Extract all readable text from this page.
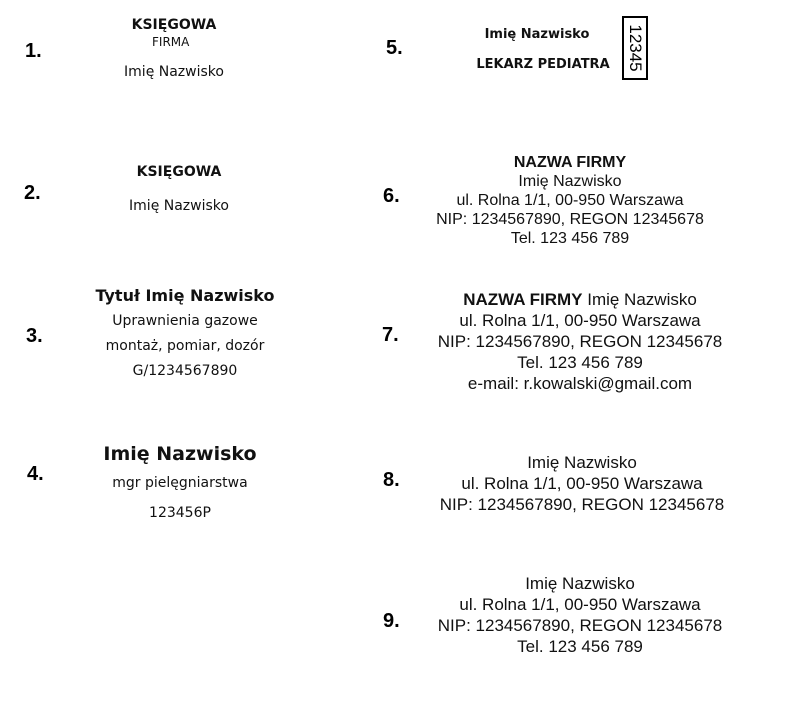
1.
2.
3.
4.
5.
6.
7.
8.
9.
KSIĘGOWA
FIRMA
Imię Nazwisko
KSIĘGOWA
Imię Nazwisko
Tytuł Imię Nazwisko
Uprawnienia gazowe
montaż, pomiar, dozór
G/1234567890
Imię Nazwisko
mgr pielęgniarstwa
123456P
Imię Nazwisko
LEKARZ PEDIATRA 12345
NAZWA FIRMY
Imię Nazwisko
ul. Rolna 1/1, 00-950 Warszawa
NIP: 1234567890, REGON 12345678
Tel. 123 456 789
NAZWA FIRMY Imię Nazwisko
ul. Rolna 1/1, 00-950 Warszawa
NIP: 1234567890, REGON 12345678
Tel. 123 456 789
e-mail: r.kowalski@gmail.com
Imię Nazwisko
ul. Rolna 1/1, 00-950 Warszawa
NIP: 1234567890, REGON 12345678
Imię Nazwisko
ul. Rolna 1/1, 00-950 Warszawa
NIP: 1234567890, REGON 12345678
Tel. 123 456 789
